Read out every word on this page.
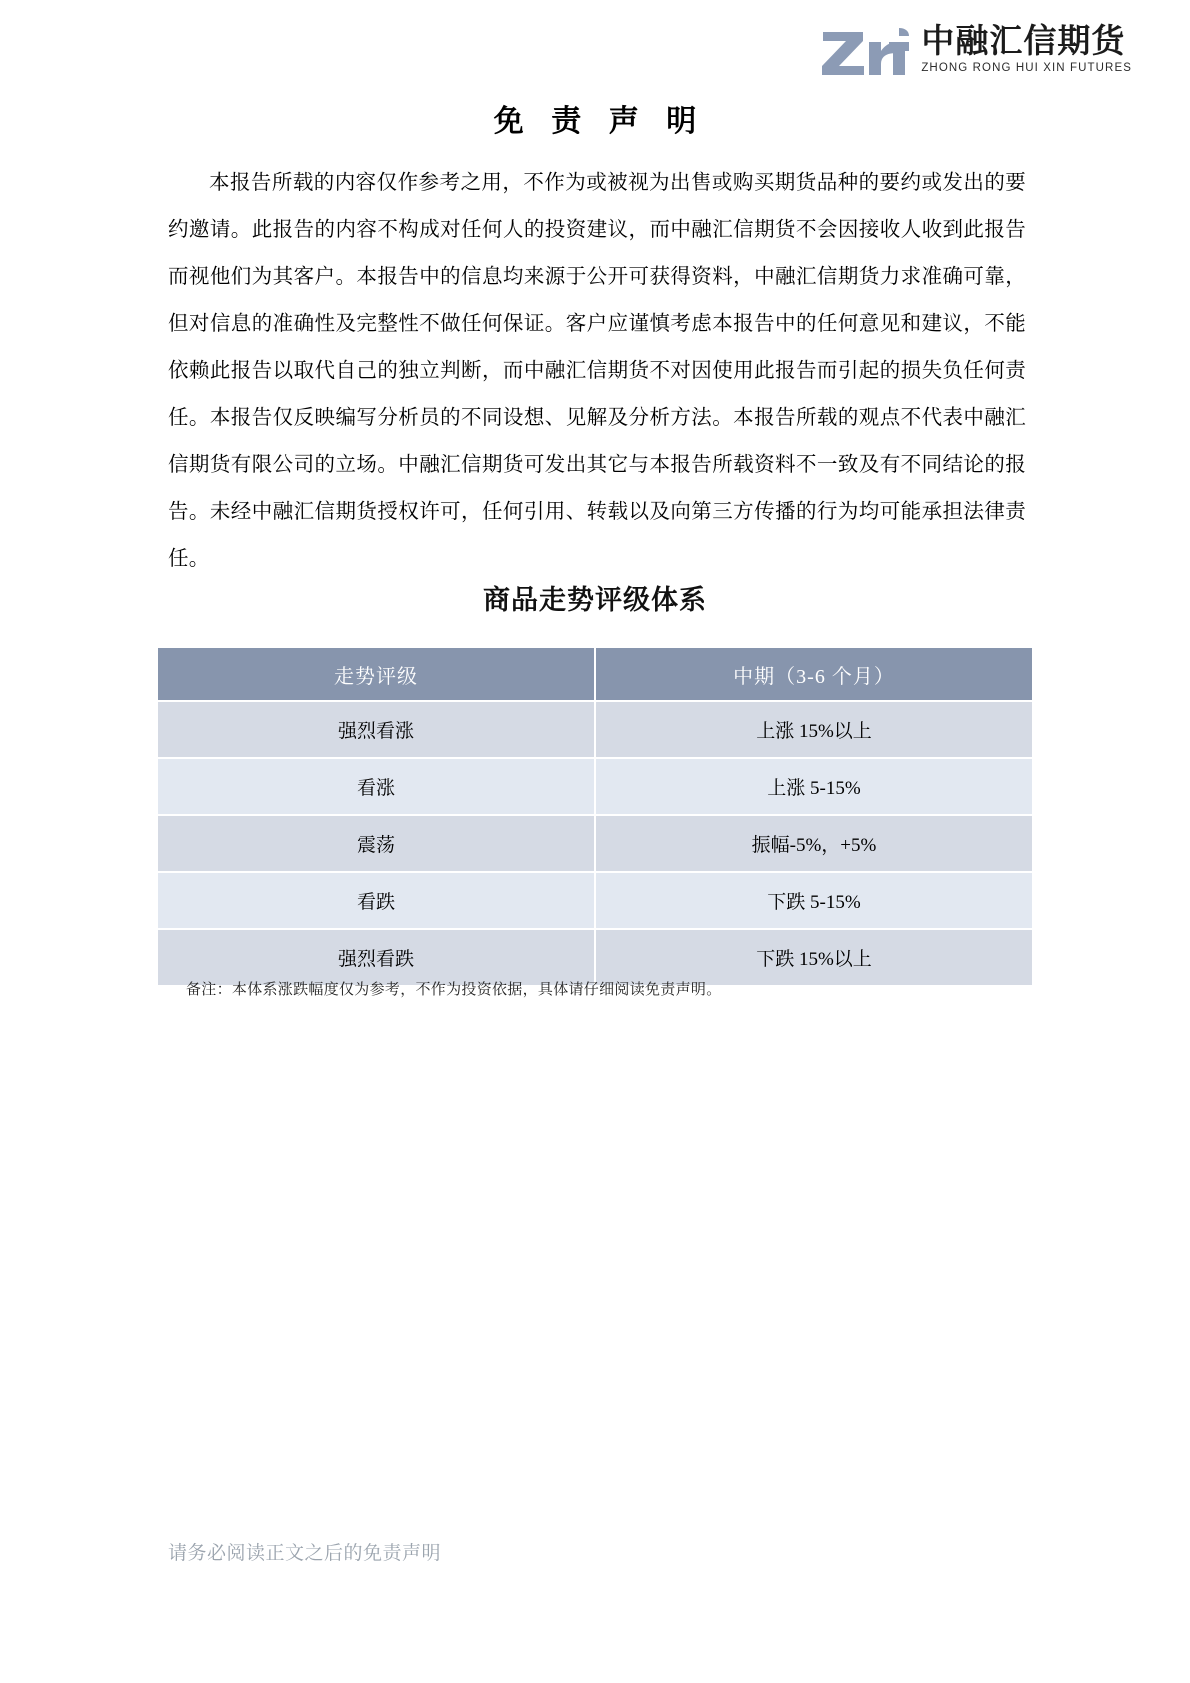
中融汇信期货
ZHONG RONG HUI XIN FUTURES
免 责 声 明

本报告所载的内容仅作参考之用，不作为或被视为出售或购买期货品种的要约或发出的要约邀请。此报告的内容不构成对任何人的投资建议，而中融汇信期货不会因接收人收到此报告而视他们为其客户。本报告中的信息均来源于公开可获得资料，中融汇信期货力求准确可靠，但对信息的准确性及完整性不做任何保证。客户应谨慎考虑本报告中的任何意见和建议，不能依赖此报告以取代自己的独立判断，而中融汇信期货不对因使用此报告而引起的损失负任何责任。本报告仅反映编写分析员的不同设想、见解及分析方法。本报告所载的观点不代表中融汇信期货有限公司的立场。中融汇信期货可发出其它与本报告所载资料不一致及有不同结论的报告。未经中融汇信期货授权许可，任何引用、转载以及向第三方传播的行为均可能承担法律责任。

商品走势评级体系
走势评级	中期（3-6 个月）
强烈看涨	上涨 15%以上
看涨	上涨 5-15%
震荡	振幅-5%，+5%
看跌	下跌 5-15%
强烈看跌	下跌 15%以上
备注：本体系涨跌幅度仅为参考，不作为投资依据，具体请仔细阅读免责声明。
请务必阅读正文之后的免责声明
